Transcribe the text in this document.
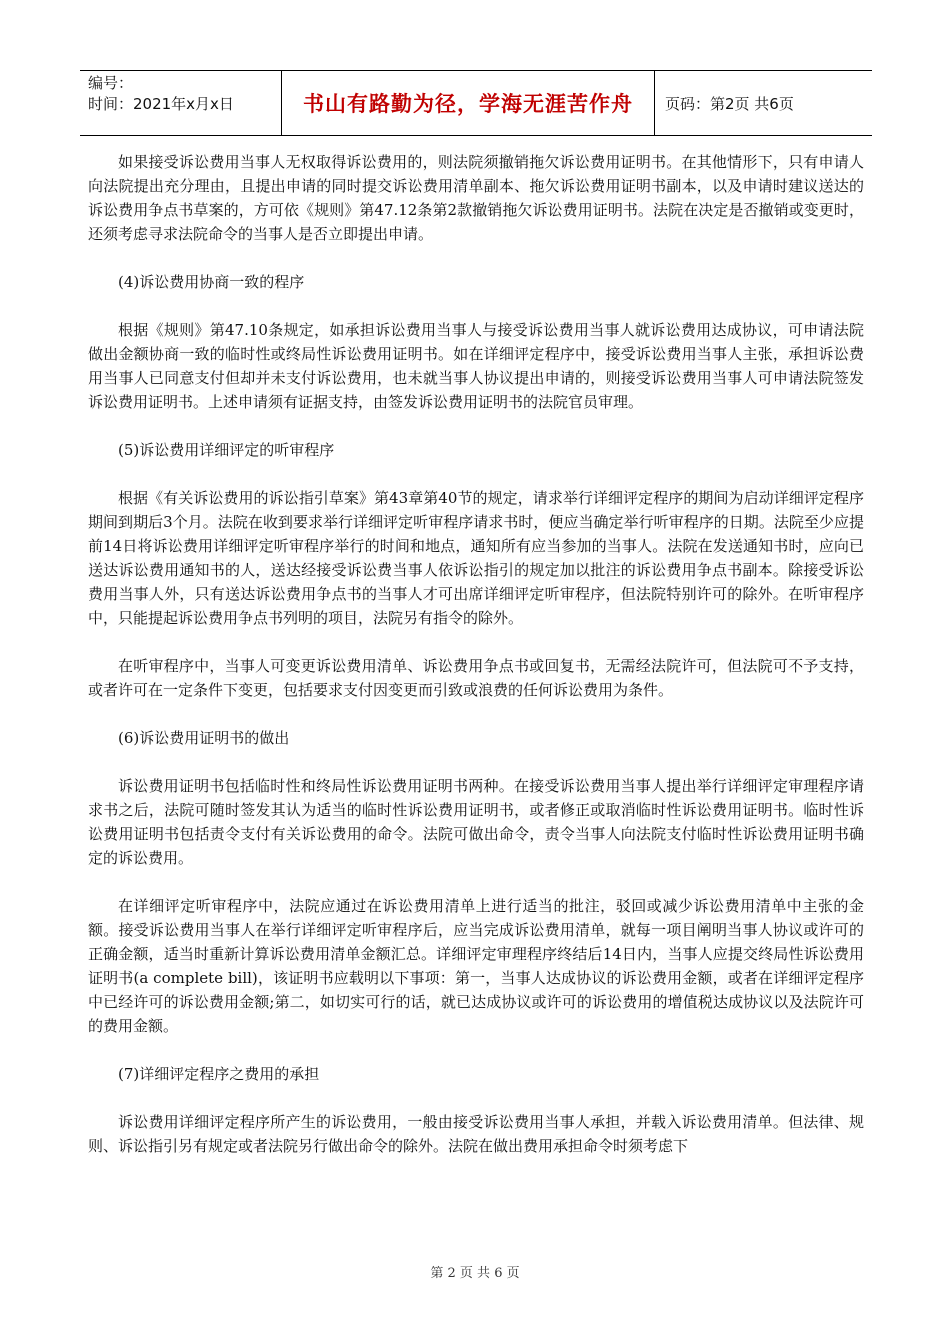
编号：
时间：2021年x月x日	书山有路勤为径，学海无涯苦作舟	页码：第2页 共6页

如果接受诉讼费用当事人无权取得诉讼费用的，则法院须撤销拖欠诉讼费用证明书。在其他情形下，只有申请人向法院提出充分理由，且提出申请的同时提交诉讼费用清单副本、拖欠诉讼费用证明书副本，以及申请时建议送达的诉讼费用争点书草案的，方可依《规则》第47.12条第2款撤销拖欠诉讼费用证明书。法院在决定是否撤销或变更时，还须考虑寻求法院命令的当事人是否立即提出申请。

(4)诉讼费用协商一致的程序

根据《规则》第47.10条规定，如承担诉讼费用当事人与接受诉讼费用当事人就诉讼费用达成协议，可申请法院做出金额协商一致的临时性或终局性诉讼费用证明书。如在详细评定程序中，接受诉讼费用当事人主张，承担诉讼费用当事人已同意支付但却并未支付诉讼费用，也未就当事人协议提出申请的，则接受诉讼费用当事人可申请法院签发诉讼费用证明书。上述申请须有证据支持，由签发诉讼费用证明书的法院官员审理。

(5)诉讼费用详细评定的听审程序

根据《有关诉讼费用的诉讼指引草案》第43章第40节的规定，请求举行详细评定程序的期间为启动详细评定程序期间到期后3个月。法院在收到要求举行详细评定听审程序请求书时，便应当确定举行听审程序的日期。法院至少应提前14日将诉讼费用详细评定听审程序举行的时间和地点，通知所有应当参加的当事人。法院在发送通知书时，应向已送达诉讼费用通知书的人，送达经接受诉讼费当事人依诉讼指引的规定加以批注的诉讼费用争点书副本。除接受诉讼费用当事人外，只有送达诉讼费用争点书的当事人才可出席详细评定听审程序，但法院特别许可的除外。在听审程序中，只能提起诉讼费用争点书列明的项目，法院另有指令的除外。

在听审程序中，当事人可变更诉讼费用清单、诉讼费用争点书或回复书，无需经法院许可，但法院可不予支持，或者许可在一定条件下变更，包括要求支付因变更而引致或浪费的任何诉讼费用为条件。

(6)诉讼费用证明书的做出

诉讼费用证明书包括临时性和终局性诉讼费用证明书两种。在接受诉讼费用当事人提出举行详细评定审理程序请求书之后，法院可随时签发其认为适当的临时性诉讼费用证明书，或者修正或取消临时性诉讼费用证明书。临时性诉讼费用证明书包括责令支付有关诉讼费用的命令。法院可做出命令，责令当事人向法院支付临时性诉讼费用证明书确定的诉讼费用。

在详细评定听审程序中，法院应通过在诉讼费用清单上进行适当的批注，驳回或减少诉讼费用清单中主张的金额。接受诉讼费用当事人在举行详细评定听审程序后，应当完成诉讼费用清单，就每一项目阐明当事人协议或许可的正确金额，适当时重新计算诉讼费用清单金额汇总。详细评定审理程序终结后14日内，当事人应提交终局性诉讼费用证明书(a complete bill)，该证明书应载明以下事项：第一，当事人达成协议的诉讼费用金额，或者在详细评定程序中已经许可的诉讼费用金额;第二，如切实可行的话，就已达成协议或许可的诉讼费用的增值税达成协议以及法院许可的费用金额。

(7)详细评定程序之费用的承担

诉讼费用详细评定程序所产生的诉讼费用，一般由接受诉讼费用当事人承担，并载入诉讼费用清单。但法律、规则、诉讼指引另有规定或者法院另行做出命令的除外。法院在做出费用承担命令时须考虑下

第 2 页 共 6 页
